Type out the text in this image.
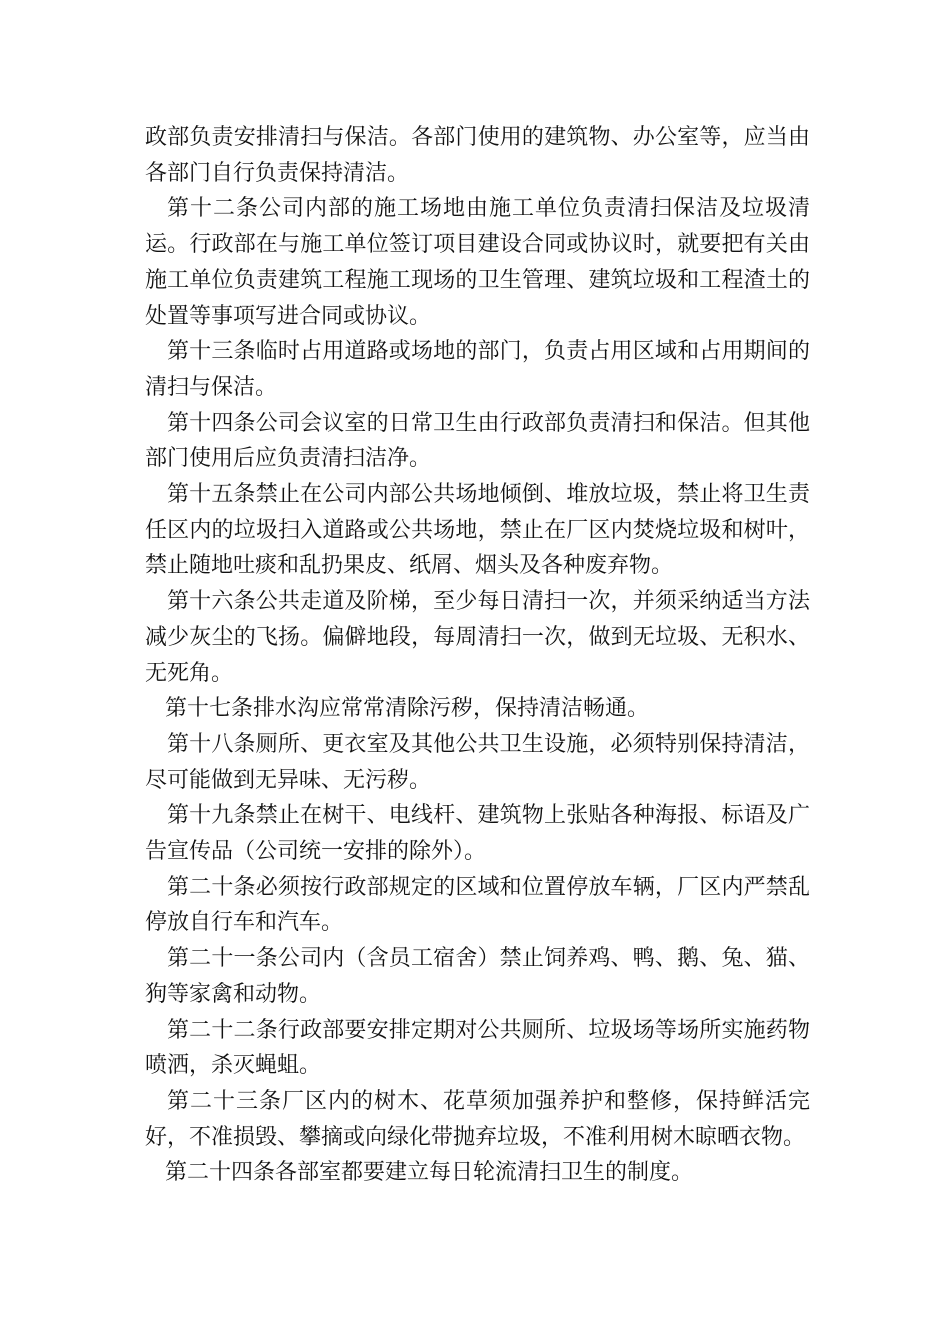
政部负责安排清扫与保洁。各部门使用的建筑物、办公室等，应当由各部门自行负责保持清洁。

第十二条公司内部的施工场地由施工单位负责清扫保洁及垃圾清运。行政部在与施工单位签订项目建设合同或协议时，就要把有关由施工单位负责建筑工程施工现场的卫生管理、建筑垃圾和工程渣土的处置等事项写进合同或协议。

第十三条临时占用道路或场地的部门，负责占用区域和占用期间的清扫与保洁。

第十四条公司会议室的日常卫生由行政部负责清扫和保洁。但其他部门使用后应负责清扫洁净。

第十五条禁止在公司内部公共场地倾倒、堆放垃圾，禁止将卫生责任区内的垃圾扫入道路或公共场地，禁止在厂区内焚烧垃圾和树叶，禁止随地吐痰和乱扔果皮、纸屑、烟头及各种废弃物。

第十六条公共走道及阶梯，至少每日清扫一次，并须采纳适当方法减少灰尘的飞扬。偏僻地段，每周清扫一次，做到无垃圾、无积水、无死角。

第十七条排水沟应常常清除污秽，保持清洁畅通。

第十八条厕所、更衣室及其他公共卫生设施，必须特别保持清洁，尽可能做到无异味、无污秽。

第十九条禁止在树干、电线杆、建筑物上张贴各种海报、标语及广告宣传品（公司统一安排的除外）。

第二十条必须按行政部规定的区域和位置停放车辆，厂区内严禁乱停放自行车和汽车。

第二十一条公司内（含员工宿舍）禁止饲养鸡、鸭、鹅、兔、猫、狗等家禽和动物。

第二十二条行政部要安排定期对公共厕所、垃圾场等场所实施药物喷洒，杀灭蝇蛆。

第二十三条厂区内的树木、花草须加强养护和整修，保持鲜活完好，不准损毁、攀摘或向绿化带抛弃垃圾，不准利用树木晾晒衣物。

第二十四条各部室都要建立每日轮流清扫卫生的制度。
